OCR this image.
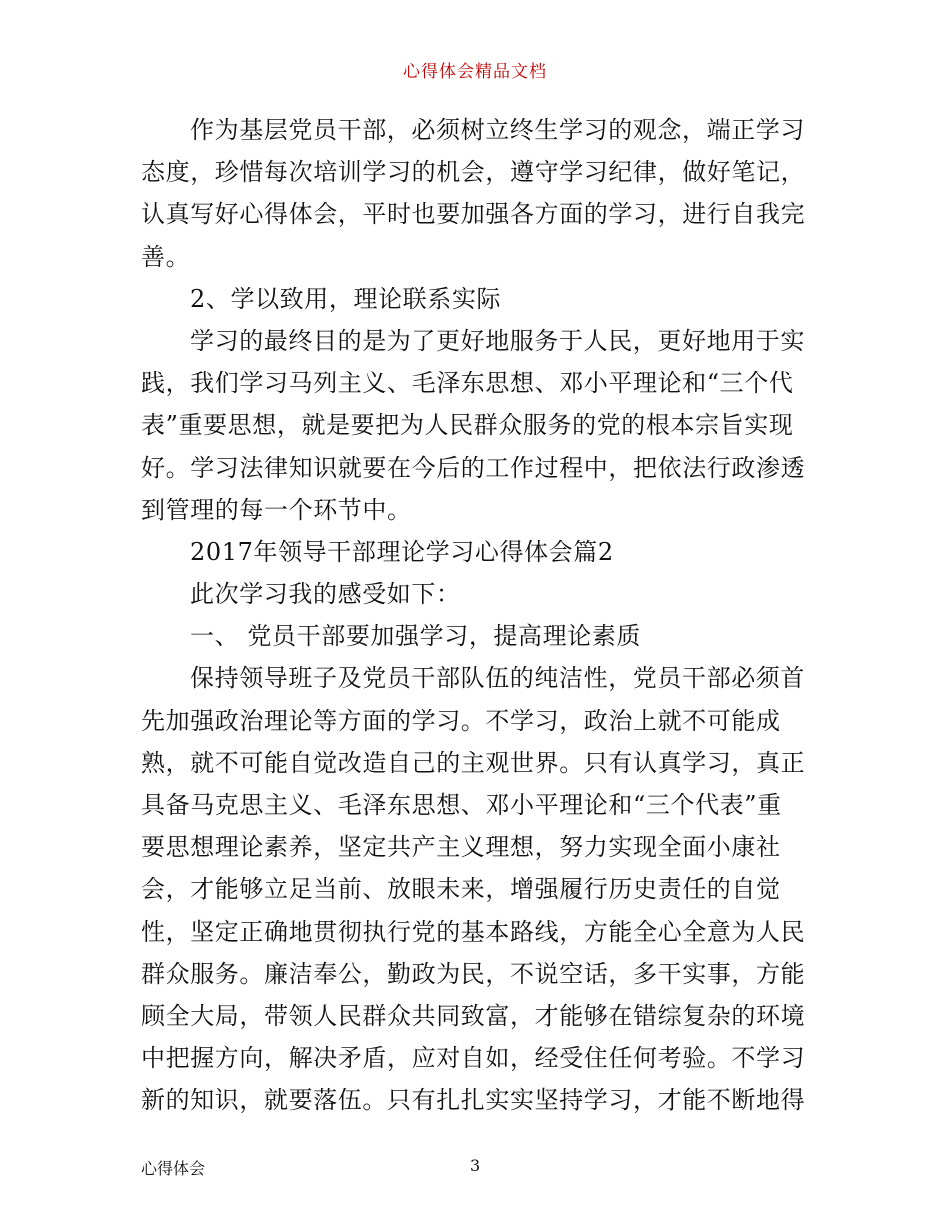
心得体会精品文档
作为基层党员干部，必须树立终生学习的观念，端正学习
态度，珍惜每次培训学习的机会，遵守学习纪律，做好笔记，
认真写好心得体会，平时也要加强各方面的学习，进行自我完
善。
2、学以致用，理论联系实际
学习的最终目的是为了更好地服务于人民，更好地用于实
践，我们学习马列主义、毛泽东思想、邓小平理论和“三个代
表”重要思想，就是要把为人民群众服务的党的根本宗旨实现
好。学习法律知识就要在今后的工作过程中，把依法行政渗透
到管理的每一个环节中。
2017年领导干部理论学习心得体会篇2
此次学习我的感受如下：
一、 党员干部要加强学习，提高理论素质
保持领导班子及党员干部队伍的纯洁性，党员干部必须首
先加强政治理论等方面的学习。不学习，政治上就不可能成
熟，就不可能自觉改造自己的主观世界。只有认真学习，真正
具备马克思主义、毛泽东思想、邓小平理论和“三个代表”重
要思想理论素养，坚定共产主义理想，努力实现全面小康社
会，才能够立足当前、放眼未来，增强履行历史责任的自觉
性，坚定正确地贯彻执行党的基本路线，方能全心全意为人民
群众服务。廉洁奉公，勤政为民，不说空话，多干实事，方能
顾全大局，带领人民群众共同致富，才能够在错综复杂的环境
中把握方向，解决矛盾，应对自如，经受住任何考验。不学习
新的知识，就要落伍。只有扎扎实实坚持学习，才能不断地得
心得体会	3
